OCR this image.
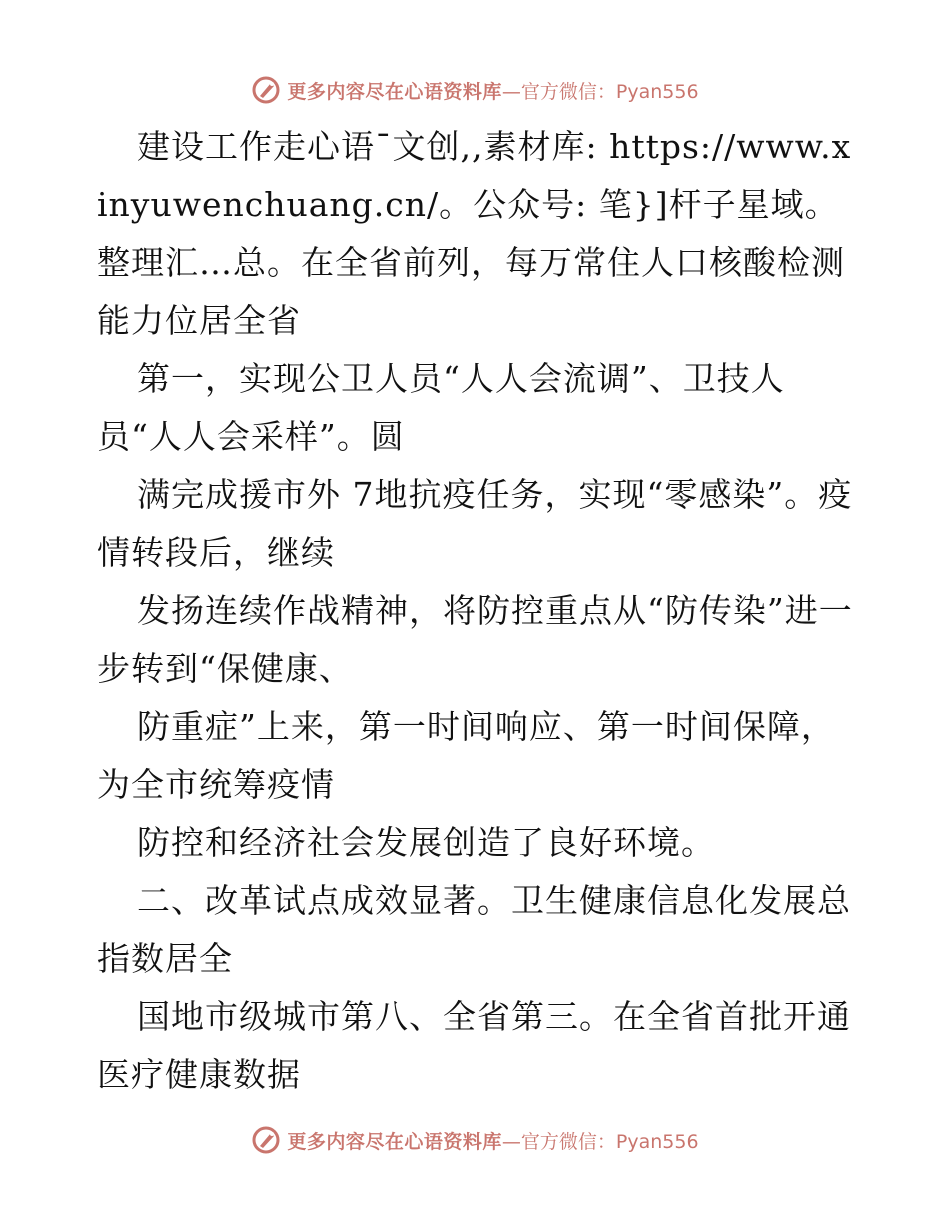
更多内容尽在心语资料库 —官方微信：Pyan556

建设工作走心语¯文创,,素材库: https://www.xinyuwenchuang.cn/。公众号: 笔}]杆子星域。整理汇…总。在全省前列，每万常住人口核酸检测能力位居全省

第一，实现公卫人员“人人会流调”、卫技人员“人人会采样”。圆

满完成援市外 7地抗疫任务，实现“零感染”。疫情转段后，继续

发扬连续作战精神，将防控重点从“防传染”进一步转到“保健康、

防重症”上来，第一时间响应、第一时间保障，为全市统筹疫情

防控和经济社会发展创造了良好环境。

二、改革试点成效显著。卫生健康信息化发展总指数居全

国地市级城市第八、全省第三。在全省首批开通医疗健康数据

更多内容尽在心语资料库 —官方微信：Pyan556
